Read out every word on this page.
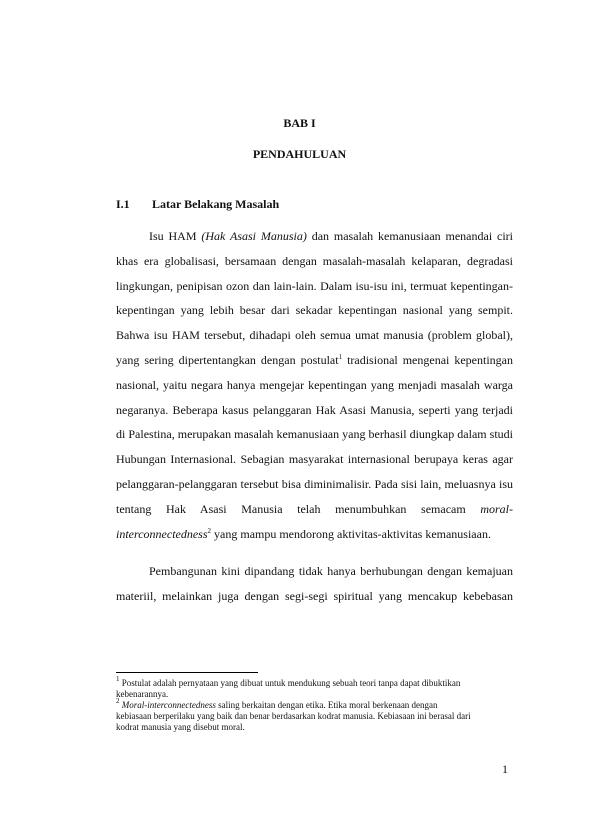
BAB I
PENDAHULUAN
I.1 Latar Belakang Masalah
Isu HAM (Hak Asasi Manusia) dan masalah kemanusiaan menandai ciri
khas era globalisasi, bersamaan dengan masalah-masalah kelaparan, degradasi
lingkungan, penipisan ozon dan lain-lain. Dalam isu-isu ini, termuat kepentingan-
kepentingan yang lebih besar dari sekadar kepentingan nasional yang sempit.
Bahwa isu HAM tersebut, dihadapi oleh semua umat manusia (problem global),
yang sering dipertentangkan dengan postulat$^1$ tradisional mengenai kepentingan
nasional, yaitu negara hanya mengejar kepentingan yang menjadi masalah warga
negaranya. Beberapa kasus pelanggaran Hak Asasi Manusia, seperti yang terjadi
di Palestina, merupakan masalah kemanusiaan yang berhasil diungkap dalam studi
Hubungan Internasional. Sebagian masyarakat internasional berupaya keras agar
pelanggaran-pelanggaran tersebut bisa diminimalisir. Pada sisi lain, meluasnya isu
tentang Hak Asasi Manusia telah menumbuhkan semacam moral-
interconnectedness$^2$ yang mampu mendorong aktivitas-aktivitas kemanusiaan.
Pembangunan kini dipandang tidak hanya berhubungan dengan kemajuan
materiil, melainkan juga dengan segi-segi spiritual yang mencakup kebebasan
$^1$ Postulat adalah pernyataan yang dibuat untuk mendukung sebuah teori tanpa dapat dibuktikan
kebenarannya.
$^2$ Moral-interconnectedness saling berkaitan dengan etika. Etika moral berkenaan dengan
kebiasaan berperilaku yang baik dan benar berdasarkan kodrat manusia. Kebiasaan ini berasal dari
kodrat manusia yang disebut moral.
1
